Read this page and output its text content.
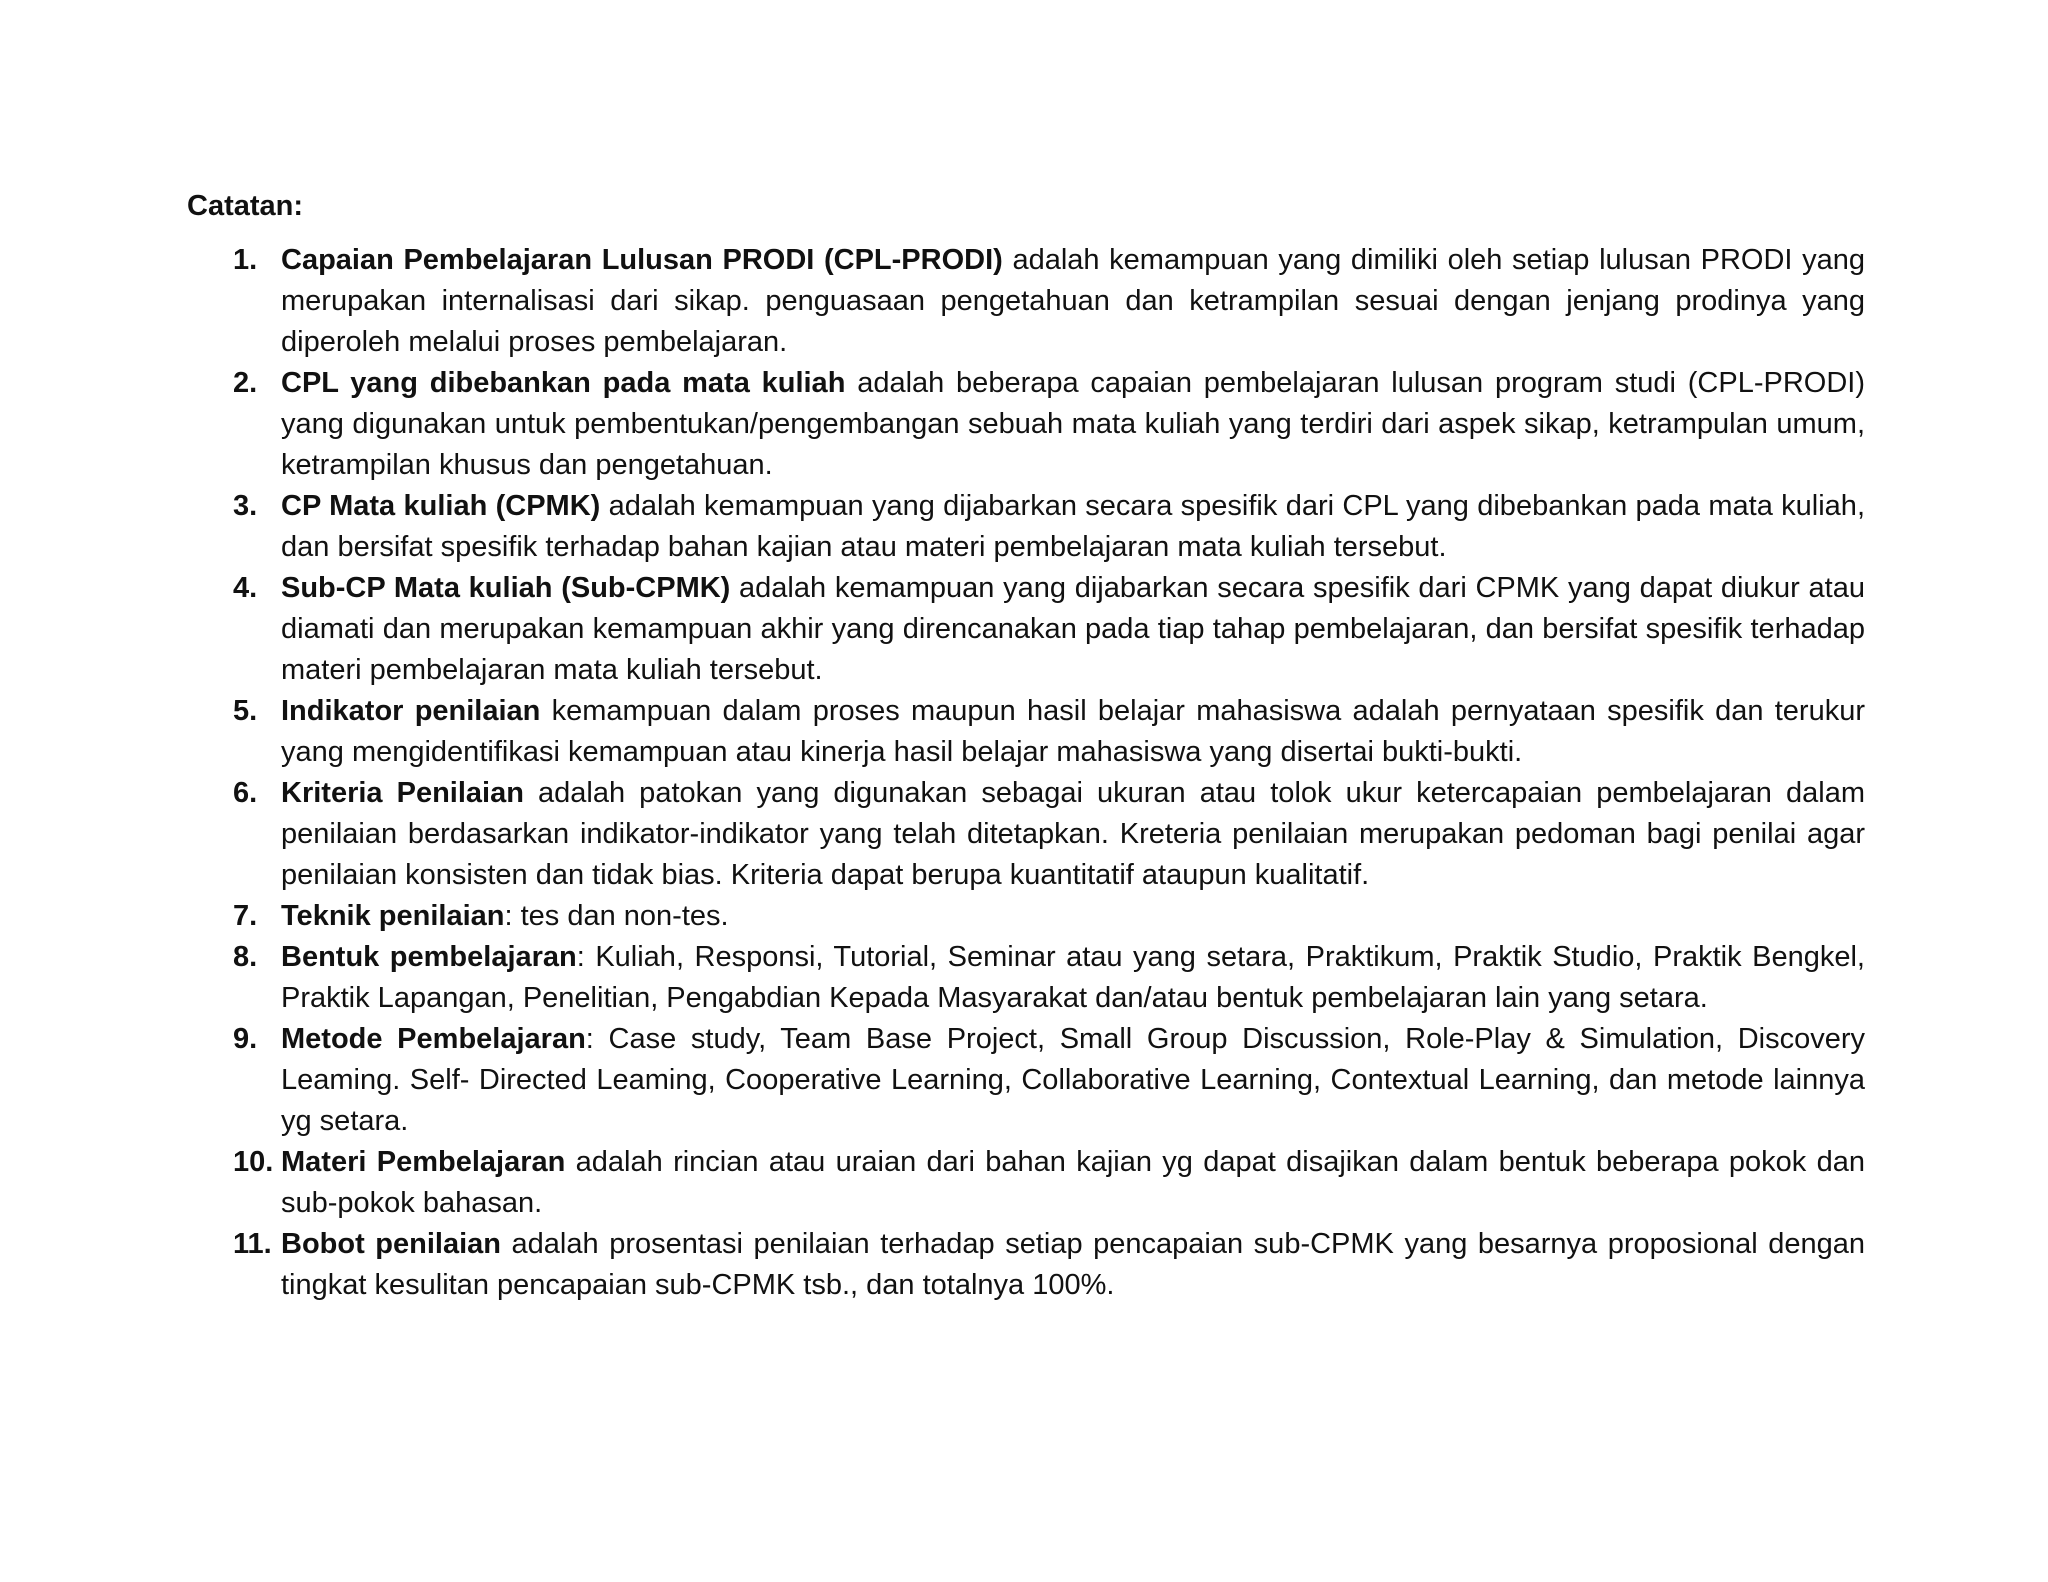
Catatan:

1. Capaian Pembelajaran Lulusan PRODI (CPL-PRODI) adalah kemampuan yang dimiliki oleh setiap lulusan PRODI yang merupakan internalisasi dari sikap. penguasaan pengetahuan dan ketrampilan sesuai dengan jenjang prodinya yang diperoleh melalui proses pembelajaran.
2. CPL yang dibebankan pada mata kuliah adalah beberapa capaian pembelajaran lulusan program studi (CPL-PRODI) yang digunakan untuk pembentukan/pengembangan sebuah mata kuliah yang terdiri dari aspek sikap, ketrampulan umum, ketrampilan khusus dan pengetahuan.
3. CP Mata kuliah (CPMK) adalah kemampuan yang dijabarkan secara spesifik dari CPL yang dibebankan pada mata kuliah, dan bersifat spesifik terhadap bahan kajian atau materi pembelajaran mata kuliah tersebut.
4. Sub-CP Mata kuliah (Sub-CPMK) adalah kemampuan yang dijabarkan secara spesifik dari CPMK yang dapat diukur atau diamati dan merupakan kemampuan akhir yang direncanakan pada tiap tahap pembelajaran, dan bersifat spesifik terhadap materi pembelajaran mata kuliah tersebut.
5. Indikator penilaian kemampuan dalam proses maupun hasil belajar mahasiswa adalah pernyataan spesifik dan terukur yang mengidentifikasi kemampuan atau kinerja hasil belajar mahasiswa yang disertai bukti-bukti.
6. Kriteria Penilaian adalah patokan yang digunakan sebagai ukuran atau tolok ukur ketercapaian pembelajaran dalam penilaian berdasarkan indikator-indikator yang telah ditetapkan. Kreteria penilaian merupakan pedoman bagi penilai agar penilaian konsisten dan tidak bias. Kriteria dapat berupa kuantitatif ataupun kualitatif.
7. Teknik penilaian: tes dan non-tes.
8. Bentuk pembelajaran: Kuliah, Responsi, Tutorial, Seminar atau yang setara, Praktikum, Praktik Studio, Praktik Bengkel, Praktik Lapangan, Penelitian, Pengabdian Kepada Masyarakat dan/atau bentuk pembelajaran lain yang setara.
9. Metode Pembelajaran: Case study, Team Base Project, Small Group Discussion, Role-Play & Simulation, Discovery Leaming. Self- Directed Leaming, Cooperative Learning, Collaborative Learning, Contextual Learning, dan metode lainnya yg setara.
10. Materi Pembelajaran adalah rincian atau uraian dari bahan kajian yg dapat disajikan dalam bentuk beberapa pokok dan sub-pokok bahasan.
11. Bobot penilaian adalah prosentasi penilaian terhadap setiap pencapaian sub-CPMK yang besarnya proposional dengan tingkat kesulitan pencapaian sub-CPMK tsb., dan totalnya 100%.
